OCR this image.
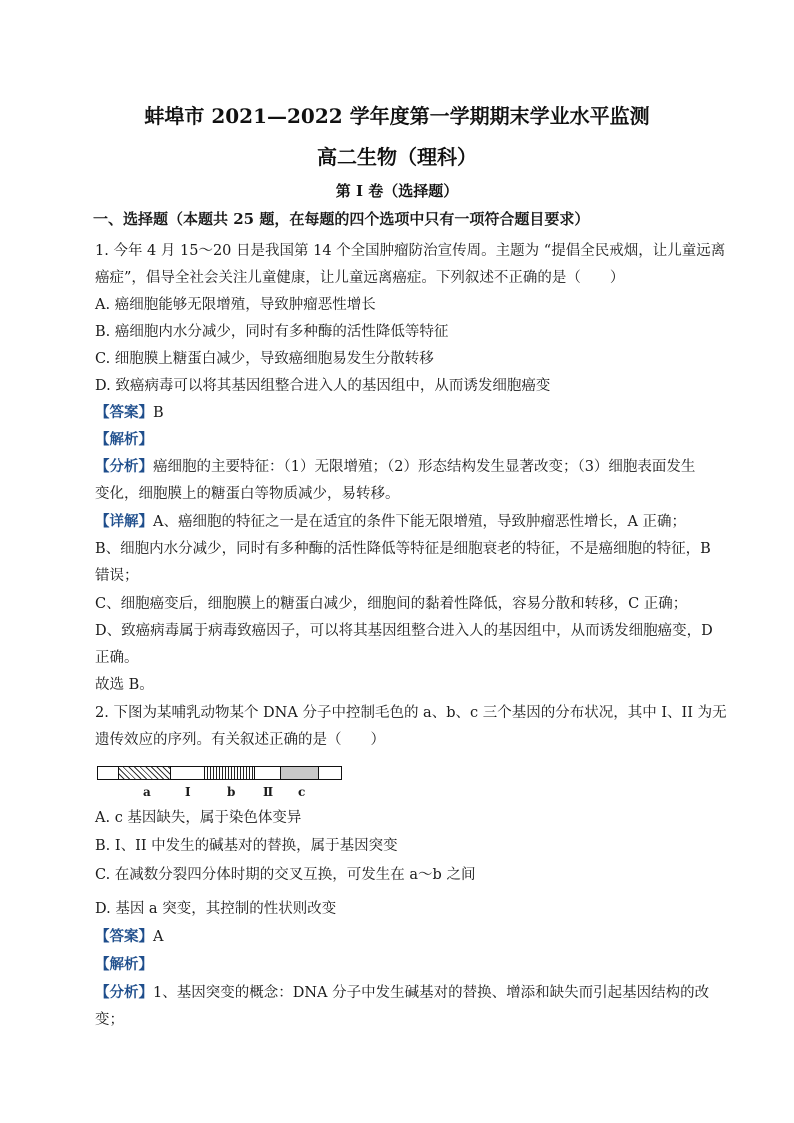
蚌埠市 2021—2022 学年度第一学期期末学业水平监测
高二生物（理科）
第 I 卷（选择题）
一、选择题（本题共 25 题，在每题的四个选项中只有一项符合题目要求）
1. 今年 4 月 15～20 日是我国第 14 个全国肿瘤防治宣传周。主题为 “提倡全民戒烟，让儿童远离
癌症”，倡导全社会关注儿童健康，让儿童远离癌症。下列叙述不正确的是（　　）
A. 癌细胞能够无限增殖，导致肿瘤恶性增长
B. 癌细胞内水分减少，同时有多种酶的活性降低等特征
C. 细胞膜上糖蛋白减少，导致癌细胞易发生分散转移
D. 致癌病毒可以将其基因组整合进入人的基因组中，从而诱发细胞癌变
【答案】B
【解析】
【分析】癌细胞的主要特征：（1）无限增殖；（2）形态结构发生显著改变；（3）细胞表面发生
变化，细胞膜上的糖蛋白等物质减少，易转移。
【详解】A、癌细胞的特征之一是在适宜的条件下能无限增殖，导致肿瘤恶性增长，A 正确；
B、细胞内水分减少，同时有多种酶的活性降低等特征是细胞衰老的特征，不是癌细胞的特征，B
错误；
C、细胞癌变后，细胞膜上的糖蛋白减少，细胞间的黏着性降低，容易分散和转移，C 正确；
D、致癌病毒属于病毒致癌因子，可以将其基因组整合进入人的基因组中，从而诱发细胞癌变，D
正确。
故选 B。
2. 下图为某哺乳动物某个 DNA 分子中控制毛色的 a、b、c 三个基因的分布状况，其中 I、II 为无
遗传效应的序列。有关叙述正确的是（　　）
a	Ⅰ	b Ⅱ c
A. c 基因缺失，属于染色体变异
B. I、II 中发生的碱基对的替换，属于基因突变
C. 在减数分裂四分体时期的交叉互换，可发生在 a～b 之间
D. 基因 a 突变，其控制的性状则改变
【答案】A
【解析】
【分析】1、基因突变的概念：DNA 分子中发生碱基对的替换、增添和缺失而引起基因结构的改
变；
